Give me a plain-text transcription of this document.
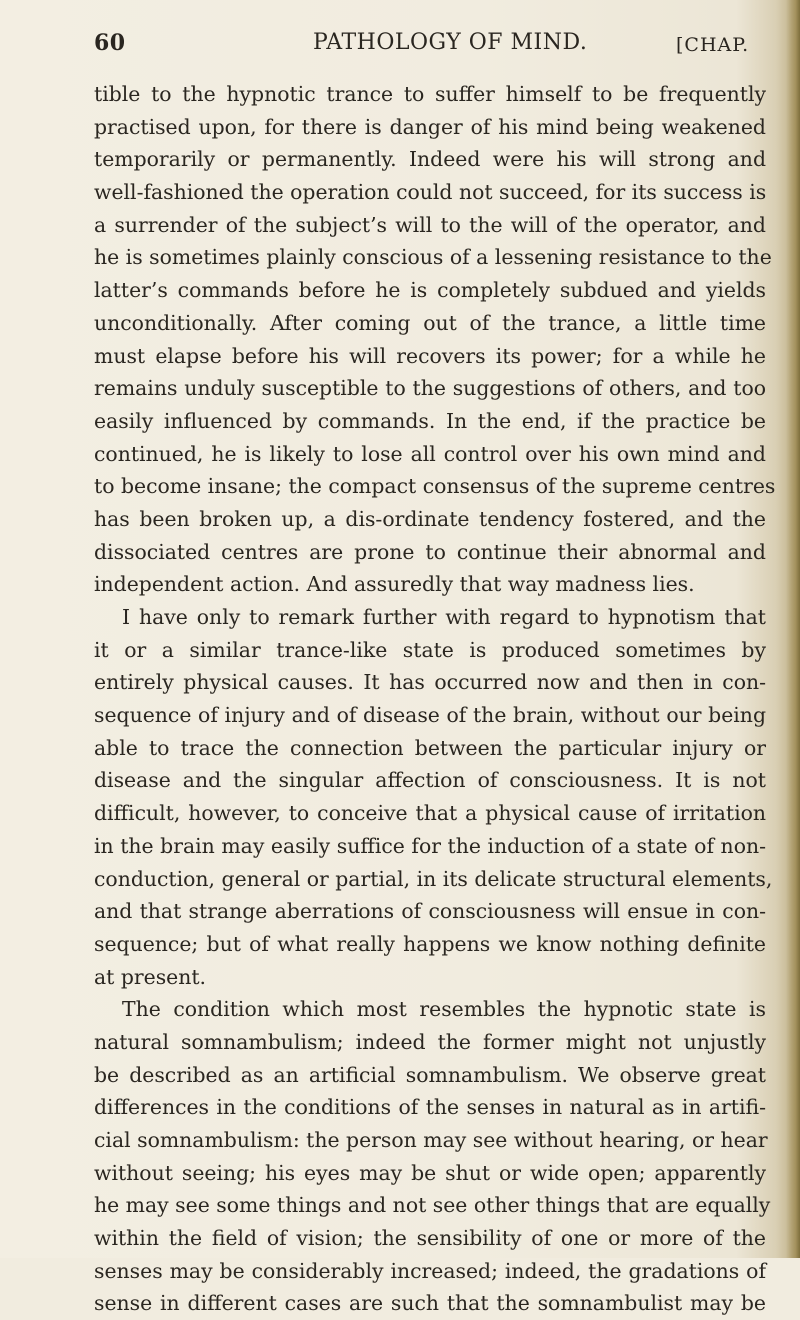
60	PATHOLOGY OF MIND.	[CHAP.
tible to the hypnotic trance to suffer himself to be frequently
practised upon, for there is danger of his mind being weakened
temporarily or permanently. Indeed were his will strong and
well-fashioned the operation could not succeed, for its success is
a surrender of the subject’s will to the will of the operator, and
he is sometimes plainly conscious of a lessening resistance to the
latter’s commands before he is completely subdued and yields
unconditionally. After coming out of the trance, a little time
must elapse before his will recovers its power; for a while he
remains unduly susceptible to the suggestions of others, and too
easily influenced by commands. In the end, if the practice be
continued, he is likely to lose all control over his own mind and
to become insane; the compact consensus of the supreme centres
has been broken up, a dis-ordinate tendency fostered, and the
dissociated centres are prone to continue their abnormal and
independent action. And assuredly that way madness lies.
I have only to remark further with regard to hypnotism that
it or a similar trance-like state is produced sometimes by
entirely physical causes. It has occurred now and then in con-
sequence of injury and of disease of the brain, without our being
able to trace the connection between the particular injury or
disease and the singular affection of consciousness. It is not
difficult, however, to conceive that a physical cause of irritation
in the brain may easily suffice for the induction of a state of non-
conduction, general or partial, in its delicate structural elements,
and that strange aberrations of consciousness will ensue in con-
sequence; but of what really happens we know nothing definite
at present.
The condition which most resembles the hypnotic state is
natural somnambulism; indeed the former might not unjustly
be described as an artificial somnambulism. We observe great
differences in the conditions of the senses in natural as in artifi-
cial somnambulism: the person may see without hearing, or hear
without seeing; his eyes may be shut or wide open; apparently
he may see some things and not see other things that are equally
within the field of vision; the sensibility of one or more of the
senses may be considerably increased; indeed, the gradations of
sense in different cases are such that the somnambulist may be
